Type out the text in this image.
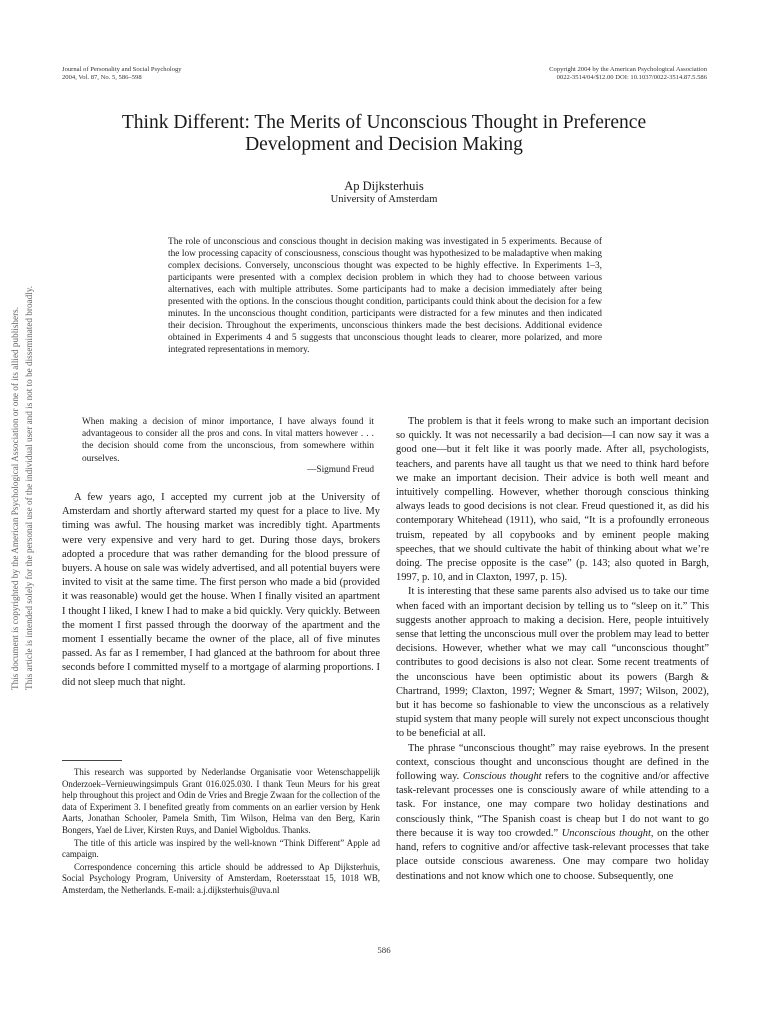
Journal of Personality and Social Psychology
2004, Vol. 87, No. 5, 586–598
Copyright 2004 by the American Psychological Association
0022-3514/04/$12.00 DOI: 10.1037/0022-3514.87.5.586
This document is copyrighted by the American Psychological Association or one of its allied publishers. This article is intended solely for the personal use of the individual user and is not to be disseminated broadly.
Think Different: The Merits of Unconscious Thought in Preference
Development and Decision Making
Ap Dijksterhuis
University of Amsterdam

The role of unconscious and conscious thought in decision making was investigated in 5 experiments. Because of the low processing capacity of consciousness, conscious thought was hypothesized to be maladaptive when making complex decisions. Conversely, unconscious thought was expected to be highly effective. In Experiments 1–3, participants were presented with a complex decision problem in which they had to choose between various alternatives, each with multiple attributes. Some participants had to make a decision immediately after being presented with the options. In the conscious thought condition, participants could think about the decision for a few minutes. In the unconscious thought condition, participants were distracted for a few minutes and then indicated their decision. Throughout the experiments, unconscious thinkers made the best decisions. Additional evidence obtained in Experiments 4 and 5 suggests that unconscious thought leads to clearer, more polarized, and more integrated representations in memory.

When making a decision of minor importance, I have always found it advantageous to consider all the pros and cons. In vital matters however . . . the decision should come from the unconscious, from somewhere within ourselves.

—Sigmund Freud

A few years ago, I accepted my current job at the University of Amsterdam and shortly afterward started my quest for a place to live. My timing was awful. The housing market was incredibly tight. Apartments were very expensive and very hard to get. During those days, brokers adopted a procedure that was rather demanding for the blood pressure of buyers. A house on sale was widely advertised, and all potential buyers were invited to visit at the same time. The first person who made a bid (provided it was reasonable) would get the house. When I finally visited an apartment I thought I liked, I knew I had to make a bid quickly. Very quickly. Between the moment I first passed through the doorway of the apartment and the moment I essentially became the owner of the place, all of five minutes passed. As far as I remember, I had glanced at the bathroom for about three seconds before I committed myself to a mortgage of alarming proportions. I did not sleep much that night.

This research was supported by Nederlandse Organisatie voor Wetenschappelijk Onderzoek–Vernieuwingsimpuls Grant 016.025.030. I thank Teun Meurs for his great help throughout this project and Odin de Vries and Bregje Zwaan for the collection of the data of Experiment 3. I benefited greatly from comments on an earlier version by Henk Aarts, Jonathan Schooler, Pamela Smith, Tim Wilson, Helma van den Berg, Karin Bongers, Yael de Liver, Kirsten Ruys, and Daniel Wigboldus. Thanks.

The title of this article was inspired by the well-known “Think Different” Apple ad campaign.

Correspondence concerning this article should be addressed to Ap Dijksterhuis, Social Psychology Program, University of Amsterdam, Roetersstaat 15, 1018 WB, Amsterdam, the Netherlands. E-mail: a.j.dijksterhuis@uva.nl

The problem is that it feels wrong to make such an important decision so quickly. It was not necessarily a bad decision—I can now say it was a good one—but it felt like it was poorly made. After all, psychologists, teachers, and parents have all taught us that we need to think hard before we make an important decision. Their advice is both well meant and intuitively compelling. However, whether thorough conscious thinking always leads to good decisions is not clear. Freud questioned it, as did his contemporary Whitehead (1911), who said, “It is a profoundly erroneous truism, repeated by all copybooks and by eminent people making speeches, that we should cultivate the habit of thinking about what we’re doing. The precise opposite is the case” (p. 143; also quoted in Bargh, 1997, p. 10, and in Claxton, 1997, p. 15).

It is interesting that these same parents also advised us to take our time when faced with an important decision by telling us to “sleep on it.” This suggests another approach to making a decision. Here, people intuitively sense that letting the unconscious mull over the problem may lead to better decisions. However, whether what we may call “unconscious thought” contributes to good decisions is also not clear. Some recent treatments of the unconscious have been optimistic about its powers (Bargh & Chartrand, 1999; Claxton, 1997; Wegner & Smart, 1997; Wilson, 2002), but it has become so fashionable to view the unconscious as a relatively stupid system that many people will surely not expect unconscious thought to be beneficial at all.

The phrase “unconscious thought” may raise eyebrows. In the present context, conscious thought and unconscious thought are defined in the following way. Conscious thought refers to the cognitive and/or affective task-relevant processes one is consciously aware of while attending to a task. For instance, one may compare two holiday destinations and consciously think, “The Spanish coast is cheap but I do not want to go there because it is way too crowded.” Unconscious thought, on the other hand, refers to cognitive and/or affective task-relevant processes that take place outside conscious awareness. One may compare two holiday destinations and not know which one to choose. Subsequently, one

586
